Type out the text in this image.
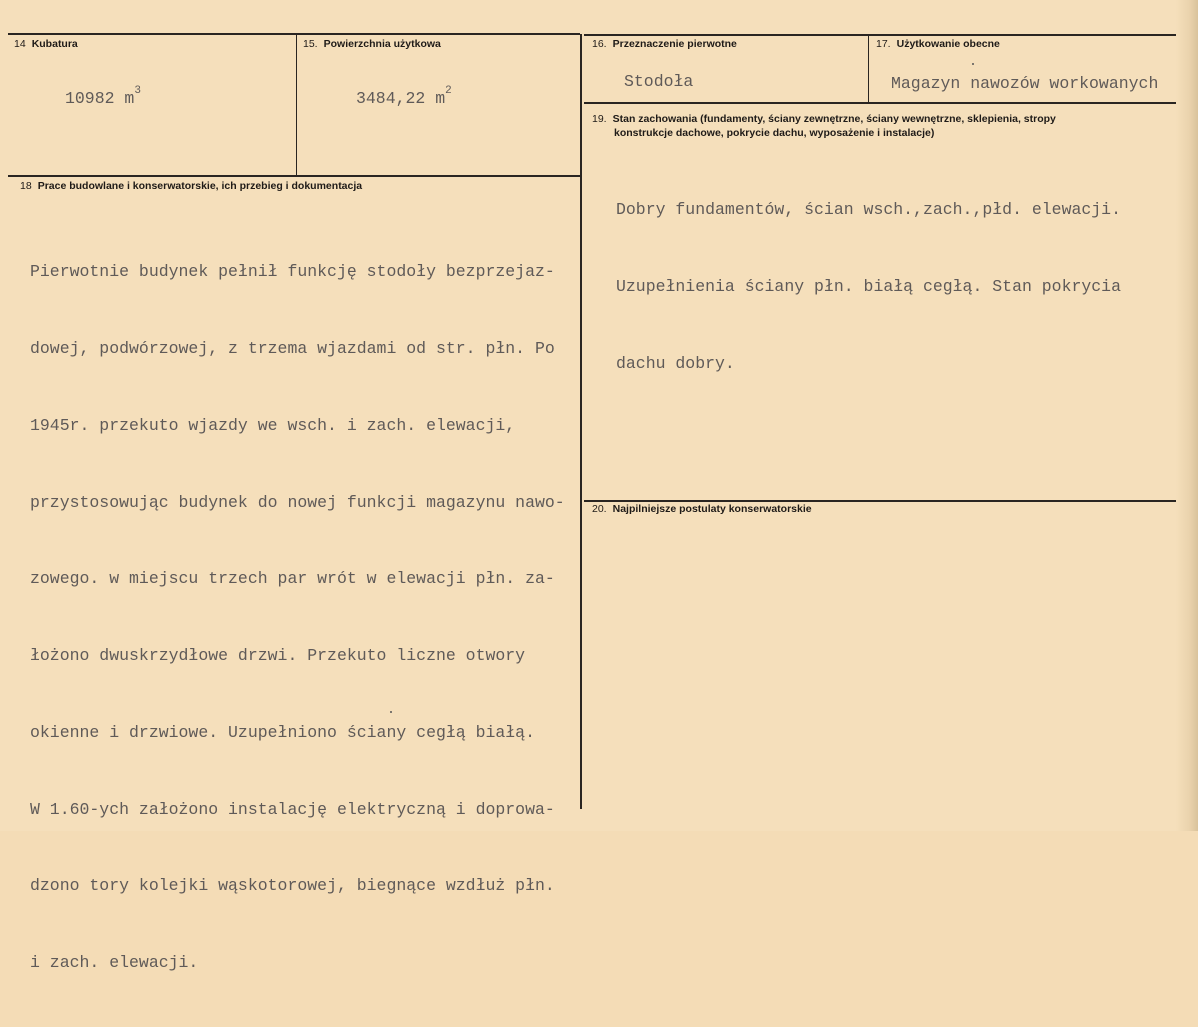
14 Kubatura
10982 $m^3$
15. Powierzchnia użytkowa
3484,22 $m^2$
16. Przeznaczenie pierwotne
Stodoła
17. Użytkowanie obecne
Magazyn nawozów workowanych
18 Prace budowlane i konserwatorskie, ich przebieg i dokumentacja

Pierwotnie budynek pełnił funkcję stodoły bezprzejaz-

dowej, podwórzowej, z trzema wjazdami od str. płn. Po

1945r. przekuto wjazdy we wsch. i zach. elewacji,

przystosowując budynek do nowej funkcji magazynu nawo-

zowego. w miejscu trzech par wrót w elewacji płn. za-

łożono dwuskrzydłowe drzwi. Przekuto liczne otwory

okienne i drzwiowe. Uzupełniono ściany cegłą białą.

W 1.60-ych założono instalację elektryczną i doprowa-

dzono tory kolejki wąskotorowej, biegnące wzdłuż płn.

i zach. elewacji.

19. Stan zachowania (fundamenty, ściany zewnętrzne, ściany wewnętrzne, sklepienia, stropy
konstrukcje dachowe, pokrycie dachu, wyposażenie i instalacje)

Dobry fundamentów, ścian wsch.,zach.,płd. elewacji.

Uzupełnienia ściany płn. białą cegłą. Stan pokrycia

dachu dobry.

20. Najpilniejsze postulaty konserwatorskie
